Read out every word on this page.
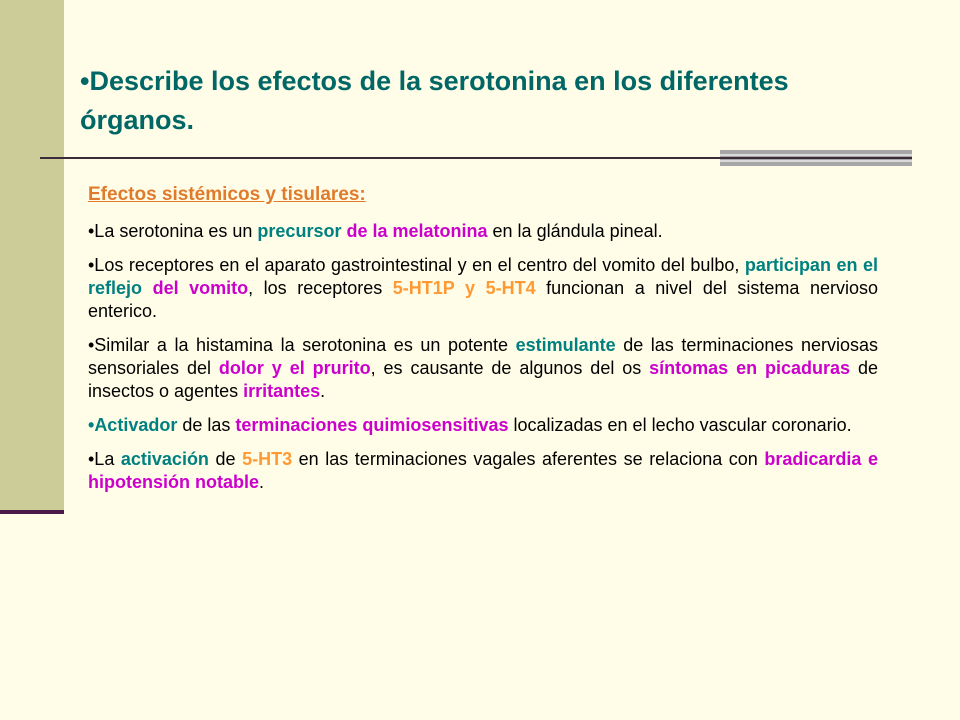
•Describe los efectos de la serotonina en los diferentes órganos.
Efectos sistémicos y tisulares:

•La serotonina es un precursor de la melatonina en la glándula pineal.

•Los receptores en el aparato gastrointestinal y en el centro del vomito del bulbo, participan en el reflejo del vomito, los receptores 5-HT1P y 5-HT4 funcionan a nivel del sistema nervioso enterico.

•Similar a la histamina la serotonina es un potente estimulante de las terminaciones nerviosas sensoriales del dolor y el prurito, es causante de algunos del os síntomas en picaduras de insectos o agentes irritantes.

•Activador de las terminaciones quimiosensitivas localizadas en el lecho vascular coronario.

•La activación de 5-HT3 en las terminaciones vagales aferentes se relaciona con bradicardia e hipotensión notable.
